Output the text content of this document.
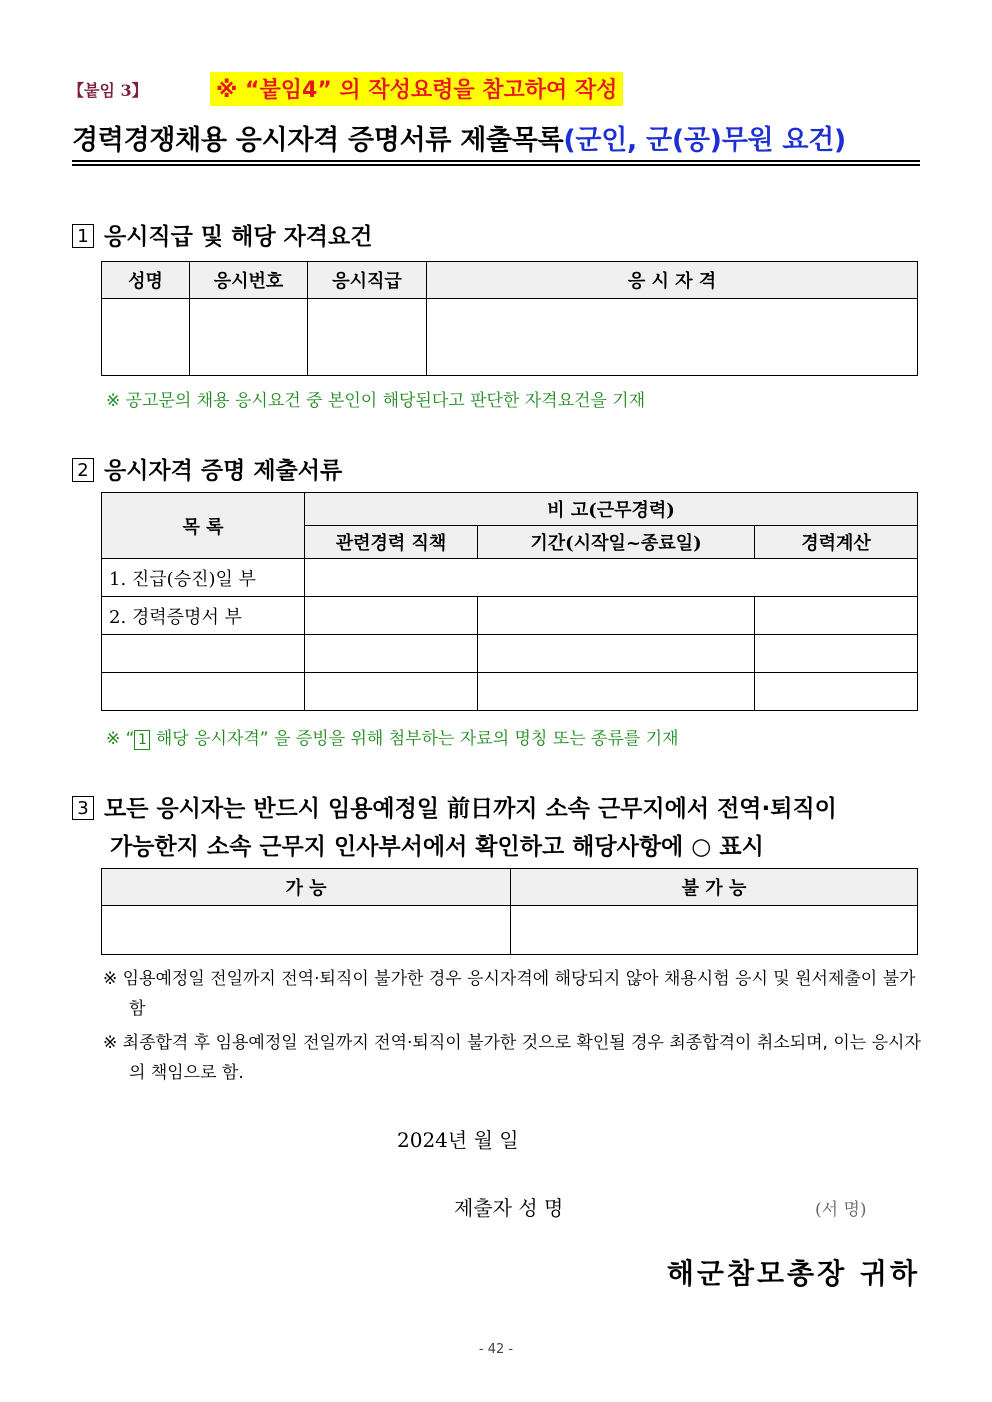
【붙임 3】	※ “붙임4” 의 작성요령을 참고하여 작성
경력경쟁채용 응시자격 증명서류 제출목록(군인, 군(공)무원 요건)
1 응시직급 및 해당 자격요건
성명	응시번호	응시직급	응 시 자 격

※ 공고문의 채용 응시요건 중 본인이 해당된다고 판단한 자격요건을 기재
2 응시자격 증명 제출서류
목 록	비 고(근무경력)		
	관련경력 직책	기간(시작일~종료일)	경력계산
1. 진급(승진)일 부			
2. 경력증명서 부			

※ “ 1 해당 응시자격” 을 증빙을 위해 첨부하는 자료의 명칭 또는 종류를 기재
3 모든 응시자는 반드시 임용예정일 前日까지 소속 근무지에서 전역·퇴직이
가능한지 소속 근무지 인사부서에서 확인하고 해당사항에 ○ 표시
가 능	불 가 능

※ 임용예정일 전일까지 전역·퇴직이 불가한 경우 응시자격에 해당되지 않아 채용시험 응시 및 원서제출이 불가함
※ 최종합격 후 임용예정일 전일까지 전역·퇴직이 불가한 것으로 확인될 경우 최종합격이 취소되며, 이는 응시자의 책임으로 함.
2024년 월 일
제출자 성 명	(서 명)
해군참모총장 귀하
- 42 -
